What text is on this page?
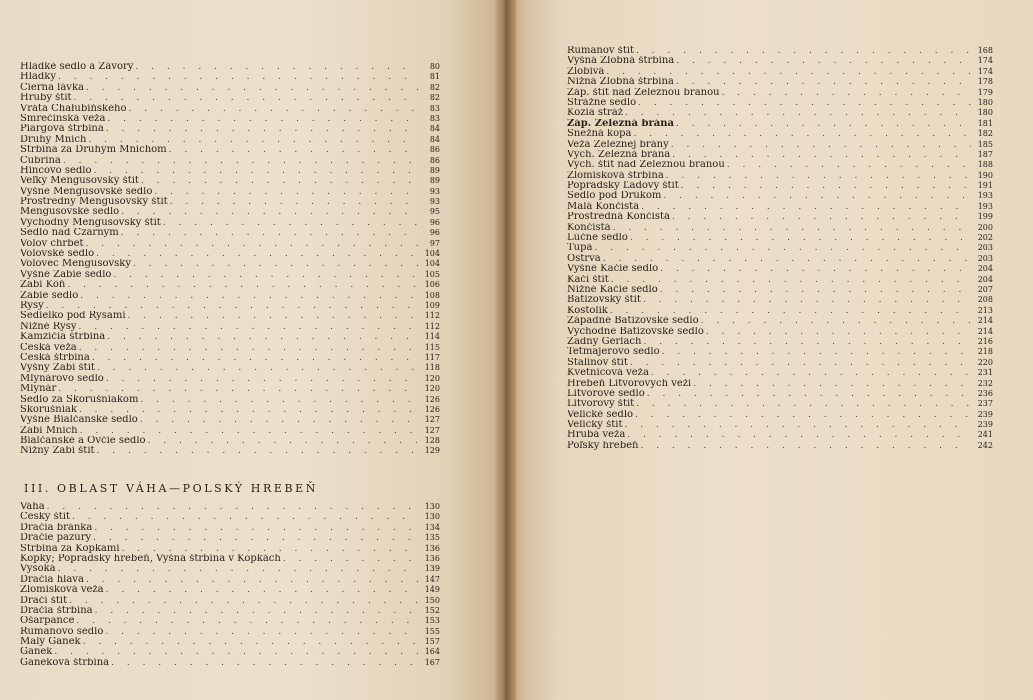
Hladké sedlo a Závory . . .	80
Hladký . . .	81
Čierna lávka . . .	82
Hrubý štít . . .	82
Vráta Chałubińského . . .	83
Smrečinská veža . . .	83
Piargová štrbina . . .	84
Druhý Mních . . .	84
Štrbina za Druhým Mníchom . . .	86
Čubrina . . .	86
Hincovo sedlo . . .	89
Veľký Mengusovský štít . . .	89
Vyšné Mengusovské sedlo . . .	93
Prostredný Mengusovský štít . . .	93
Mengusovské sedlo . . .	95
Východný Mengusovský štít . . .	96
Sedlo nad Czarnym . . .	96
Volov chrbet . . .	97
Volovské sedlo . . .	104
Volovec Mengusovský . . .	104
Vyšné Žabie sedlo . . .	105
Žabí Kôň . . .	106
Žabie sedlo . . .	108
Rysy . . .	109
Sedielko pod Rysami . . .	112
Nižné Rysy . . .	112
Kamzičia štrbina . . .	114
Česká veža . . .	115
Česká štrbina . . .	117
Vyšný Žabí štít . . .	118
Mlynárovo sedlo . . .	120
Mlynár . . .	120
Sedlo za Skorušniakom . . .	126
Skorušniak . . .	126
Vyšné Bialčanské sedlo . . .	127
Žabí Mních . . .	127
Bialčanské a Ovčie sedlo . . .	128
Nižný Žabí štít . . .	129
III. OBLAST VÁHA—POLSKÝ HREBEŇ
Váha . . .	130
Český štít . . .	130
Dračia bránka . . .	134
Dračie pazúry . . .	135
Štrbina za Kopkami . . .	136
Kopky; Popradský hrebeň, Vyšná štrbina v Kopkách . . .	136
Vysoká . . .	139
Dračia hlava . . .	147
Zlomisková veža . . .	149
Dračí štít . . .	150
Dračia štrbina . . .	152
Ošarpance . . .	153
Rumanovo sedlo . . .	155
Malý Ganek . . .	157
Ganek . . .	164
Ganeková štrbina . . .	167
Rumanov štít . . .	168
Vyšná Zlobná štrbina . . .	174
Zlobivá . . .	174
Nižná Zlobná štrbina . . .	178
Záp. štít nad Železnou branou . . .	179
Strážne sedlo . . .	180
Kozia stráž . . .	180
Záp. Železná brána . . .	181
Snežná kopa . . .	182
Veža Železnej brány . . .	185
Vých. Železná brána . . .	187
Vých. štít nad Železnou branou . . .	188
Zlomisková štrbina . . .	190
Popradský Ľadový štít . . .	191
Sedlo pod Drúkom . . .	193
Malá Končistá . . .	193
Prostredná Končistá . . .	199
Končistá . . .	200
Lúčne sedlo . . .	202
Tupá . . .	203
Ostrva . . .	203
Vyšné Kačie sedlo . . .	204
Kačí štít . . .	204
Nižné Kačie sedlo . . .	207
Batizovský štít . . .	208
Kostolík . . .	213
Západné Batizovské sedlo . . .	214
Východné Batizovské sedlo . . .	214
Zadný Gerlach . . .	216
Tetmajerovo sedlo . . .	218
Stalinov štít . . .	220
Kvetnicová veža . . .	231
Hrebeň Litvorových veží . . .	232
Litvorové sedlo . . .	236
Litvorový štít . . .	237
Velické sedlo . . .	239
Velický štít . . .	239
Hrubá veža . . .	241
Poľský hrebeň . . .	242
